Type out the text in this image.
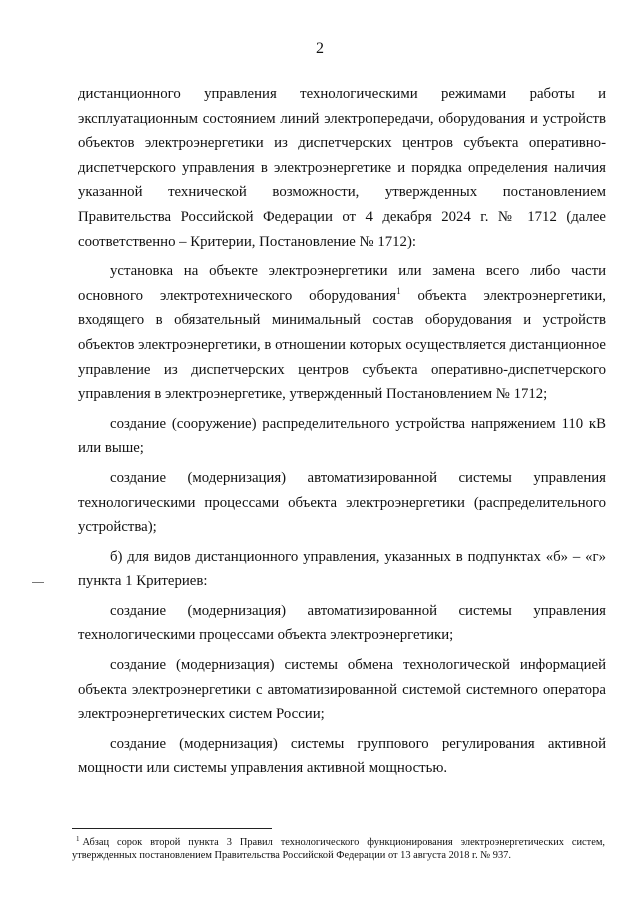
2

дистанционного управления технологическими режимами работы и эксплуатационным состоянием линий электропередачи, оборудования и устройств объектов электроэнергетики из диспетчерских центров субъекта оперативно-диспетчерского управления в электроэнергетике и порядка определения наличия указанной технической возможности, утвержденных постановлением Правительства Российской Федерации от 4 декабря 2024 г. № 1712 (далее соответственно – Критерии, Постановление № 1712):

установка на объекте электроэнергетики или замена всего либо части основного электротехнического оборудования$^1$ объекта электроэнергетики, входящего в обязательный минимальный состав оборудования и устройств объектов электроэнергетики, в отношении которых осуществляется дистанционное управление из диспетчерских центров субъекта оперативно-диспетчерского управления в электроэнергетике, утвержденный Постановлением № 1712;

создание (сооружение) распределительного устройства напряжением 110 кВ или выше;

создание (модернизация) автоматизированной системы управления технологическими процессами объекта электроэнергетики (распределительного устройства);

б) для видов дистанционного управления, указанных в подпунктах «б» – «г» пункта 1 Критериев:

создание (модернизация) автоматизированной системы управления технологическими процессами объекта электроэнергетики;

создание (модернизация) системы обмена технологической информацией объекта электроэнергетики с автоматизированной системой системного оператора электроэнергетических систем России;

создание (модернизация) системы группового регулирования активной мощности или системы управления активной мощностью.

$^1$ Абзац сорок второй пункта 3 Правил технологического функционирования электроэнергетических систем, утвержденных постановлением Правительства Российской Федерации от 13 августа 2018 г. № 937.
